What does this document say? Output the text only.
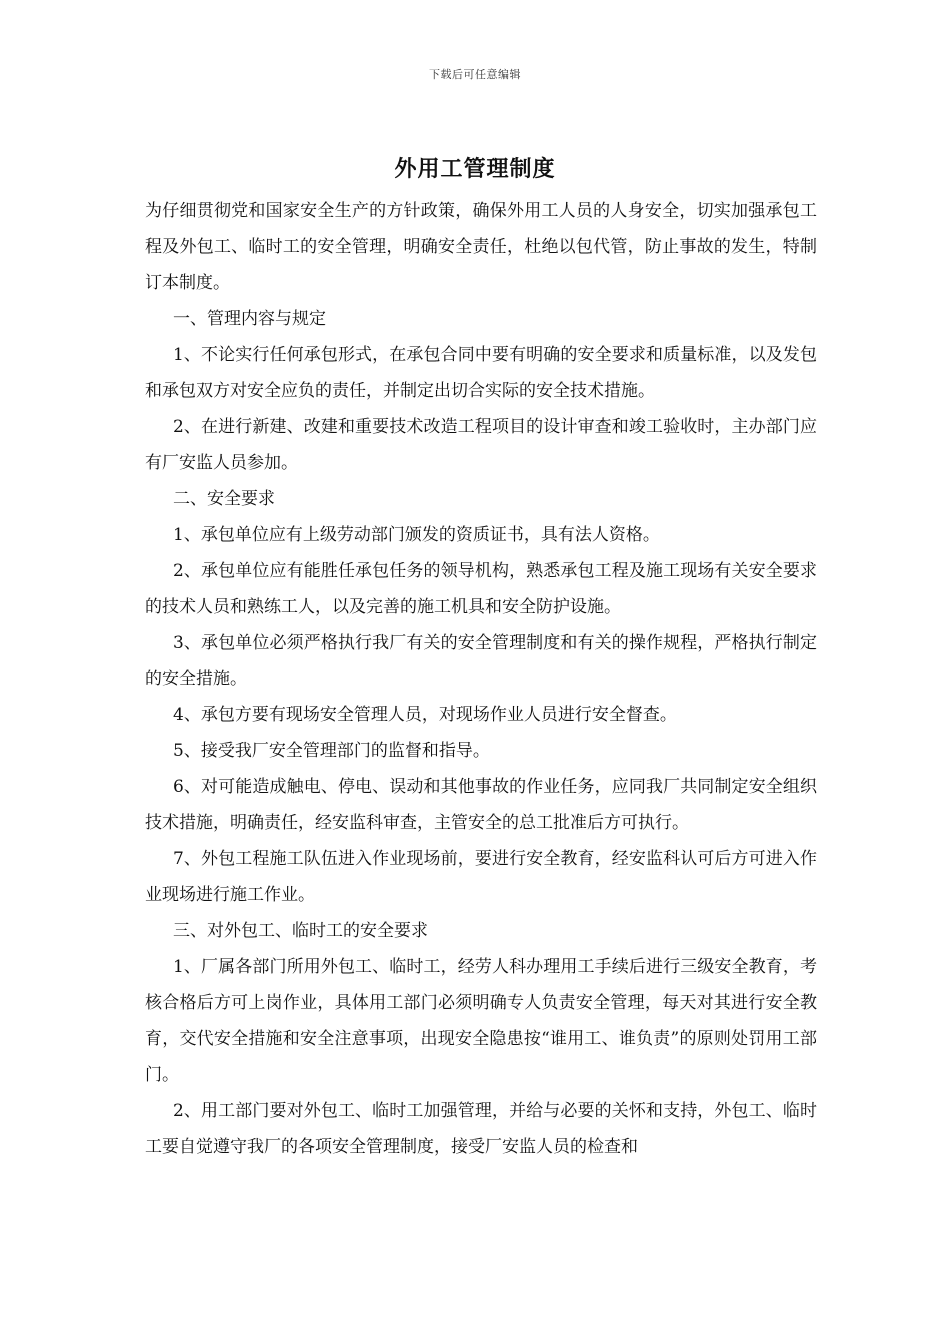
下载后可任意编辑
外用工管理制度

为仔细贯彻党和国家安全生产的方针政策，确保外用工人员的人身安全，切实加强承包工程及外包工、临时工的安全管理，明确安全责任，杜绝以包代管，防止事故的发生，特制订本制度。

一、管理内容与规定

1、不论实行任何承包形式，在承包合同中要有明确的安全要求和质量标准，以及发包和承包双方对安全应负的责任，并制定出切合实际的安全技术措施。

2、在进行新建、改建和重要技术改造工程项目的设计审查和竣工验收时，主办部门应有厂安监人员参加。

二、安全要求

1、承包单位应有上级劳动部门颁发的资质证书，具有法人资格。

2、承包单位应有能胜任承包任务的领导机构，熟悉承包工程及施工现场有关安全要求的技术人员和熟练工人，以及完善的施工机具和安全防护设施。

3、承包单位必须严格执行我厂有关的安全管理制度和有关的操作规程，严格执行制定的安全措施。

4、承包方要有现场安全管理人员，对现场作业人员进行安全督查。

5、接受我厂安全管理部门的监督和指导。

6、对可能造成触电、停电、误动和其他事故的作业任务，应同我厂共同制定安全组织技术措施，明确责任，经安监科审查，主管安全的总工批准后方可执行。

7、外包工程施工队伍进入作业现场前，要进行安全教育，经安监科认可后方可进入作业现场进行施工作业。

三、对外包工、临时工的安全要求

1、厂属各部门所用外包工、临时工，经劳人科办理用工手续后进行三级安全教育，考核合格后方可上岗作业，具体用工部门必须明确专人负责安全管理，每天对其进行安全教育，交代安全措施和安全注意事项，出现安全隐患按“谁用工、谁负责”的原则处罚用工部门。

2、用工部门要对外包工、临时工加强管理，并给与必要的关怀和支持，外包工、临时工要自觉遵守我厂的各项安全管理制度，接受厂安监人员的检查和
